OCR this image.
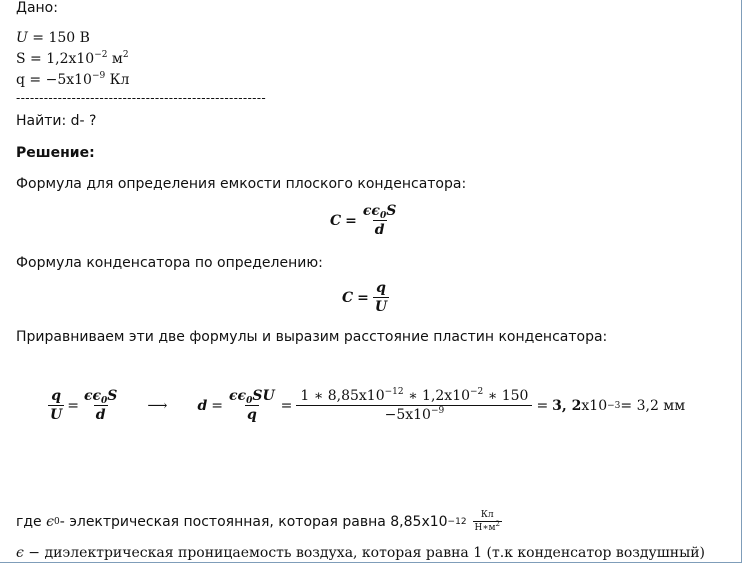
Дано:
U = 150 В
$S = 1,2x10^{-2}$ $м^2$
$q = -5x10^{-9}$ Кл
------------------------------------------------------
Найти: d- ?
Решение:
Формула для определения емкости плоского конденсатора:
$C = \frac{\epsilon\epsilon_0S}{d}$
Формула конденсатора по определению:
$C = \frac{q}{U}$
Приравниваем эти две формулы и выразим расстояние пластин конденсатора:
$\frac{q}{U} = \frac{\epsilon\epsilon_0S}{d}$ ⟶ $d = \frac{\epsilon\epsilon_0SU}{q} = \frac{1 ∗ 8,85x10^{-12} ∗ 1,2x10^{-2} ∗ 150}{-5x10^{-9}}$ = 𝟑, 𝟐 x10 −3 = 3,2 мм
где
ϵ 0 - электрическая постоянная, которая равна $8,85x10 -12 \frac{Кл}{Н∗м^2}$
ϵ − диэлектрическая проницаемость воздуха, которая равна 1 (т.к конденсатор воздушный)
